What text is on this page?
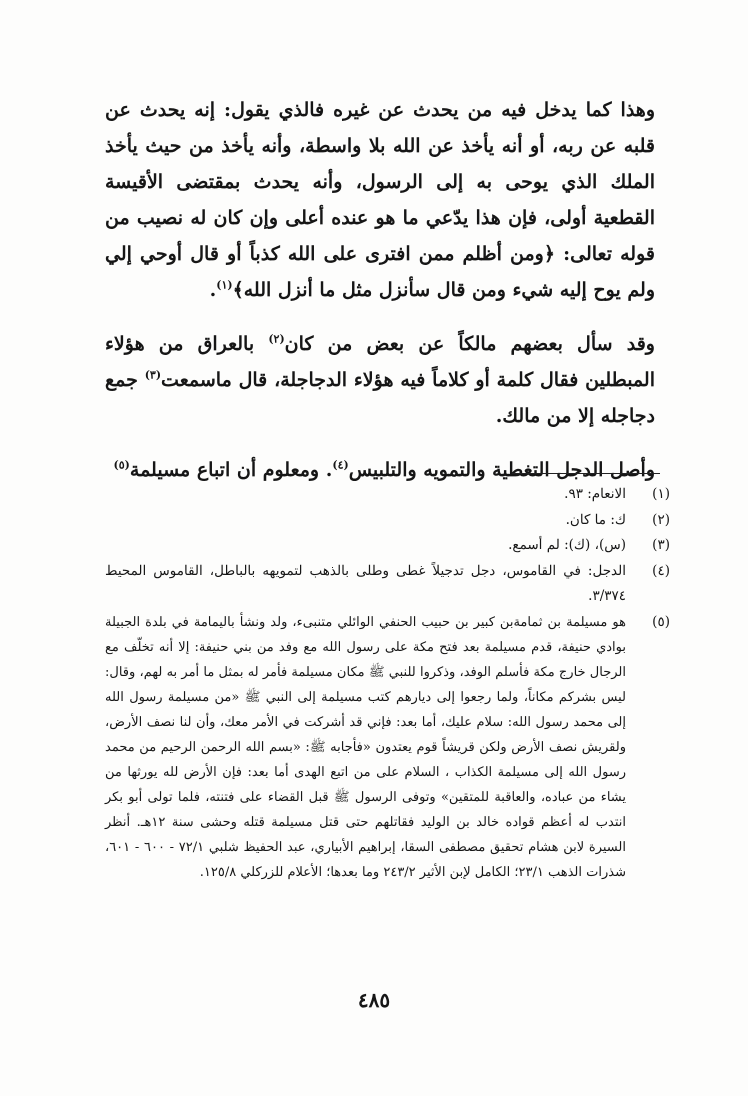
وهذا كما يدخل فيه من يحدث عن غيره فالذي يقول: إنه يحدث عن قلبه عن ربه، أو أنه يأخذ عن الله بلا واسطة، وأنه يأخذ من حيث يأخذ الملك الذي يوحى به إلى الرسول، وأنه يحدث بمقتضى الأقيسة القطعية أولى، فإن هذا يدّعي ما هو عنده أعلى وإن كان له نصيب من قوله تعالى: ﴿ومن أظلم ممن افترى على الله كذباً أو قال أوحي إلي ولم يوح إليه شيء ومن قال سأنزل مثل ما أنزل الله﴾$^{(١)}$.

وقد سأل بعضهم مالكاً عن بعض من كان$^{(٢)}$ بالعراق من هؤلاء المبطلين فقال كلمة أو كلاماً فيه هؤلاء الدجاجلة، قال ماسمعت$^{(٣)}$ جمع دجاجله إلا من مالك.

وأصل الدجل التغطية والتمويه والتلبيس$^{(٤)}$. ومعلوم أن اتباع مسيلمة$^{(٥)}$

(١)
الانعام: ٩٣.
(٢)
ك: ما كان.
(٣)
(س)، (ك): لم أسمع.
(٤)
الدجل: في القاموس، دجل تدجيلاً غطى وطلى بالذهب لتمويهه بالباطل، القاموس المحيط ٣/٣٧٤.
(٥)
هو مسيلمة بن ثمامةبن كبير بن حبيب الحنفي الوائلي متنبىء، ولد ونشأ باليمامة في بلدة الجبيلة بوادي حنيفة، قدم مسيلمة بعد فتح مكة على رسول الله مع وفد من بني حنيفة: إلا أنه تخلّف مع الرجال خارج مكة فأسلم الوفد، وذكروا للنبي ﷺ مكان مسيلمة فأمر له بمثل ما أمر به لهم، وقال: ليس بشركم مكاناً، ولما رجعوا إلى ديارهم كتب مسيلمة إلى النبي ﷺ «من مسيلمة رسول الله إلى محمد رسول الله: سلام عليك، أما بعد: فإني قد أشركت في الأمر معك، وأن لنا نصف الأرض، ولقريش نصف الأرض ولكن قريشاً قوم يعتدون «فأجابه ﷺ: «بسم الله الرحمن الرحيم من محمد رسول الله إلى مسيلمة الكذاب ، السلام على من اتبع الهدى أما بعد: فإن الأرض لله يورثها من يشاء من عباده، والعاقبة للمتقين» وتوفى الرسول ﷺ قبل القضاء على فتنته، فلما تولى أبو بكر انتدب له أعظم قواده خالد بن الوليد فقاتلهم حتى قتل مسيلمة قتله وحشى سنة ١٢هـ. أنظر السيرة لابن هشام تحقيق مصطفى السقا، إبراهيم الأبياري، عبد الحفيظ شلبي ٧٢/١ - ٦٠٠ - ٦٠١، شذرات الذهب ٢٣/١؛ الكامل لإبن الأثير ٢٤٣/٢ وما بعدها؛ الأعلام للزركلي ١٢٥/٨.
٤٨٥
